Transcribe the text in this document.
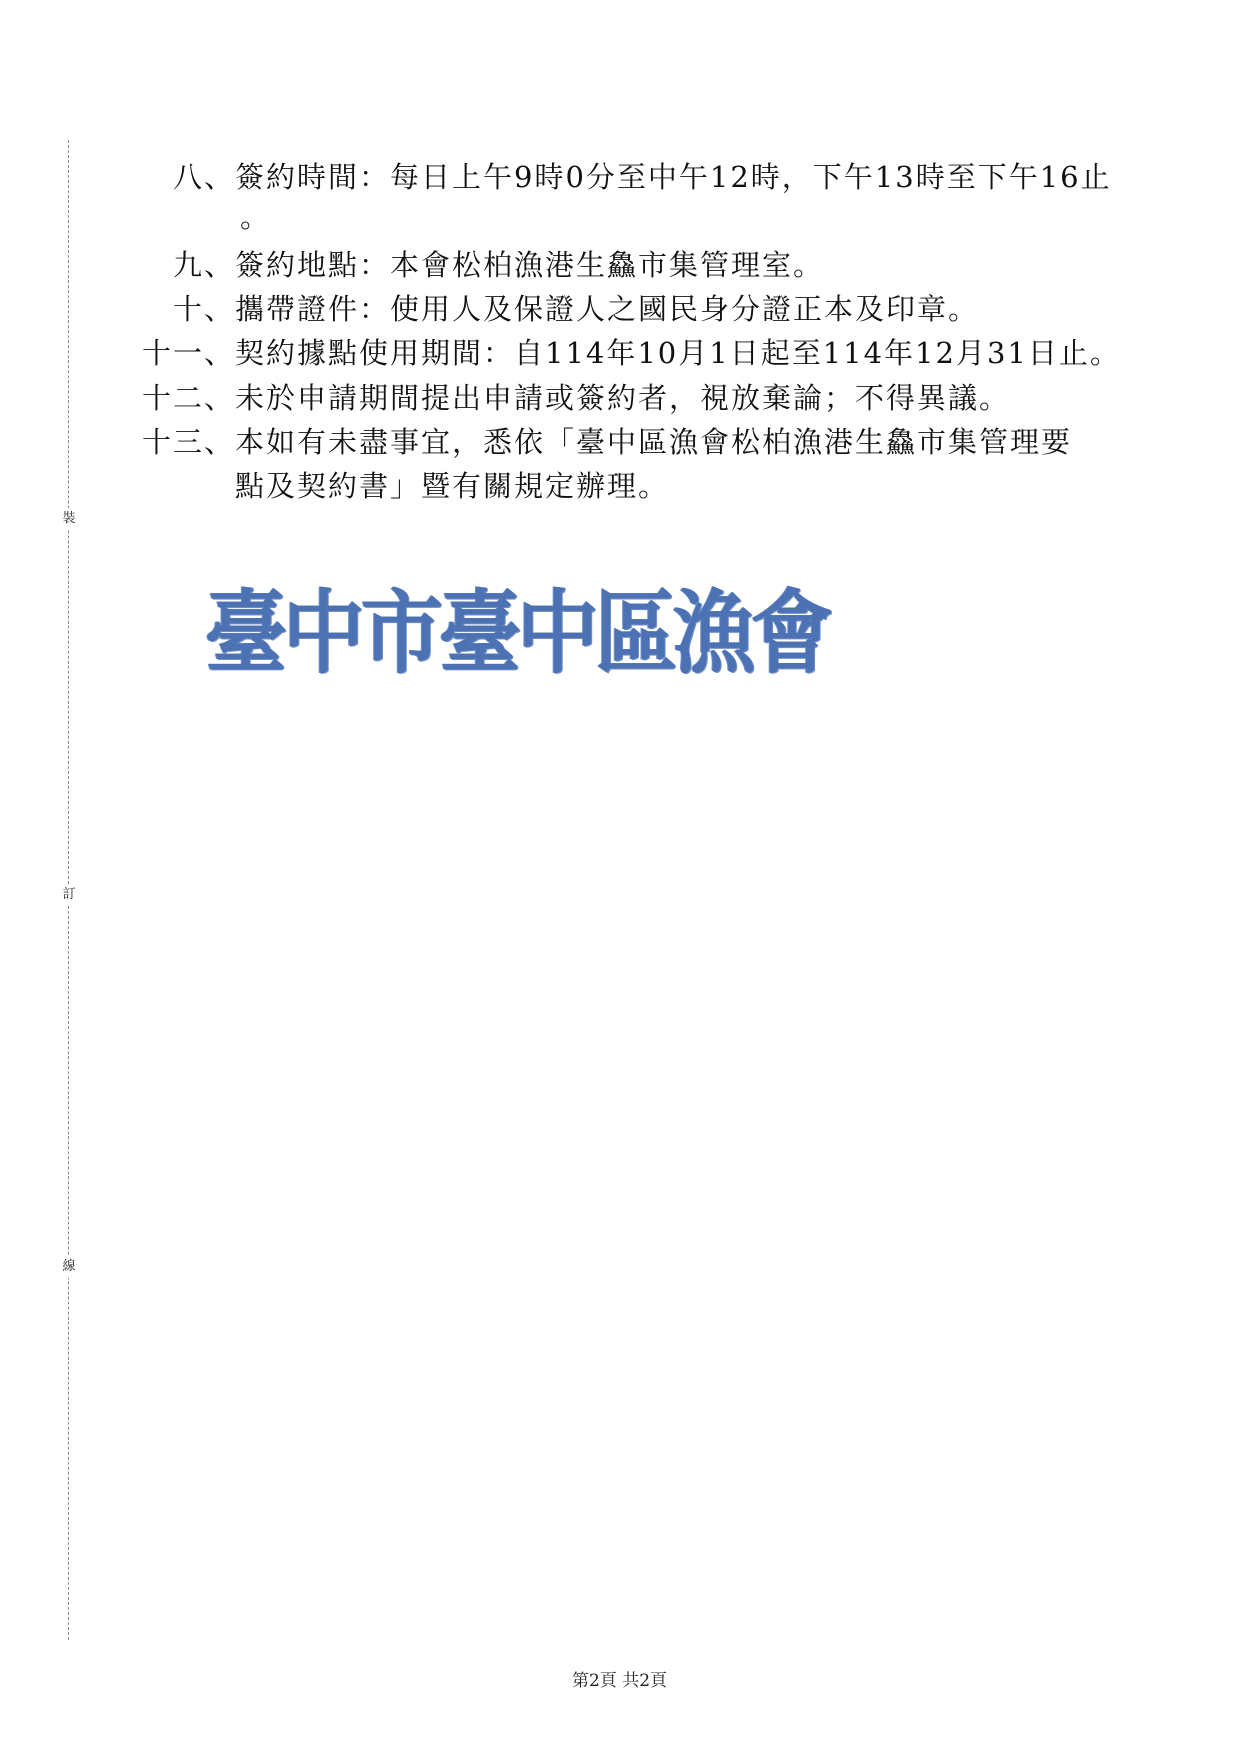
裝
訂
線
八、簽約時間：每日上午9時0分至中午12時，下午13時至下午16止
。
九、簽約地點：本會松柏漁港生鱻市集管理室。
十、攜帶證件：使用人及保證人之國民身分證正本及印章。
十一、契約據點使用期間：自114年10月1日起至114年12月31日止。
十二、未於申請期間提出申請或簽約者，視放棄論；不得異議。
十三、本如有未盡事宜，悉依「臺中區漁會松柏漁港生鱻市集管理要
點及契約書」暨有關規定辦理。
臺中市臺中區漁會
第2頁 共2頁
